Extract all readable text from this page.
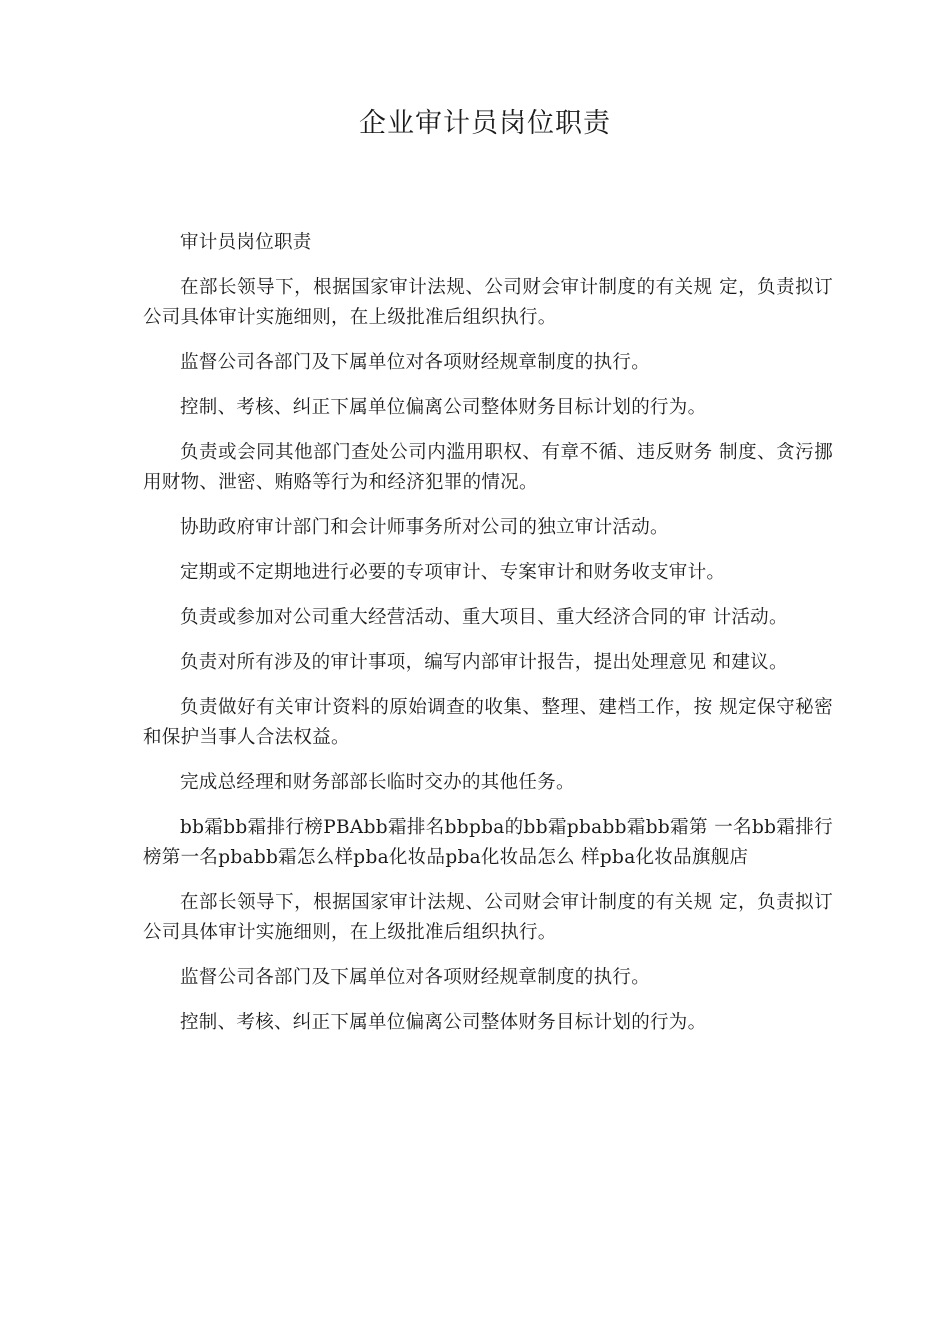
企业审计员岗位职责

审计员岗位职责

在部长领导下，根据国家审计法规、公司财会审计制度的有关规 定，负责拟订公司具体审计实施细则，在上级批准后组织执行。

监督公司各部门及下属单位对各项财经规章制度的执行。

控制、考核、纠正下属单位偏离公司整体财务目标计划的行为。

负责或会同其他部门查处公司内滥用职权、有章不循、违反财务 制度、贪污挪用财物、泄密、贿赂等行为和经济犯罪的情况。

协助政府审计部门和会计师事务所对公司的独立审计活动。

定期或不定期地进行必要的专项审计、专案审计和财务收支审计。

负责或参加对公司重大经营活动、重大项目、重大经济合同的审 计活动。

负责对所有涉及的审计事项，编写内部审计报告，提出处理意见 和建议。

负责做好有关审计资料的原始调查的收集、整理、建档工作，按 规定保守秘密和保护当事人合法权益。

完成总经理和财务部部长临时交办的其他任务。

bb霜bb霜排行榜PBAbb霜排名bbpba的bb霜pbabb霜bb霜第 一名bb霜排行榜第一名pbabb霜怎么样pba化妆品pba化妆品怎么 样pba化妆品旗舰店

在部长领导下，根据国家审计法规、公司财会审计制度的有关规 定，负责拟订公司具体审计实施细则，在上级批准后组织执行。

监督公司各部门及下属单位对各项财经规章制度的执行。

控制、考核、纠正下属单位偏离公司整体财务目标计划的行为。
